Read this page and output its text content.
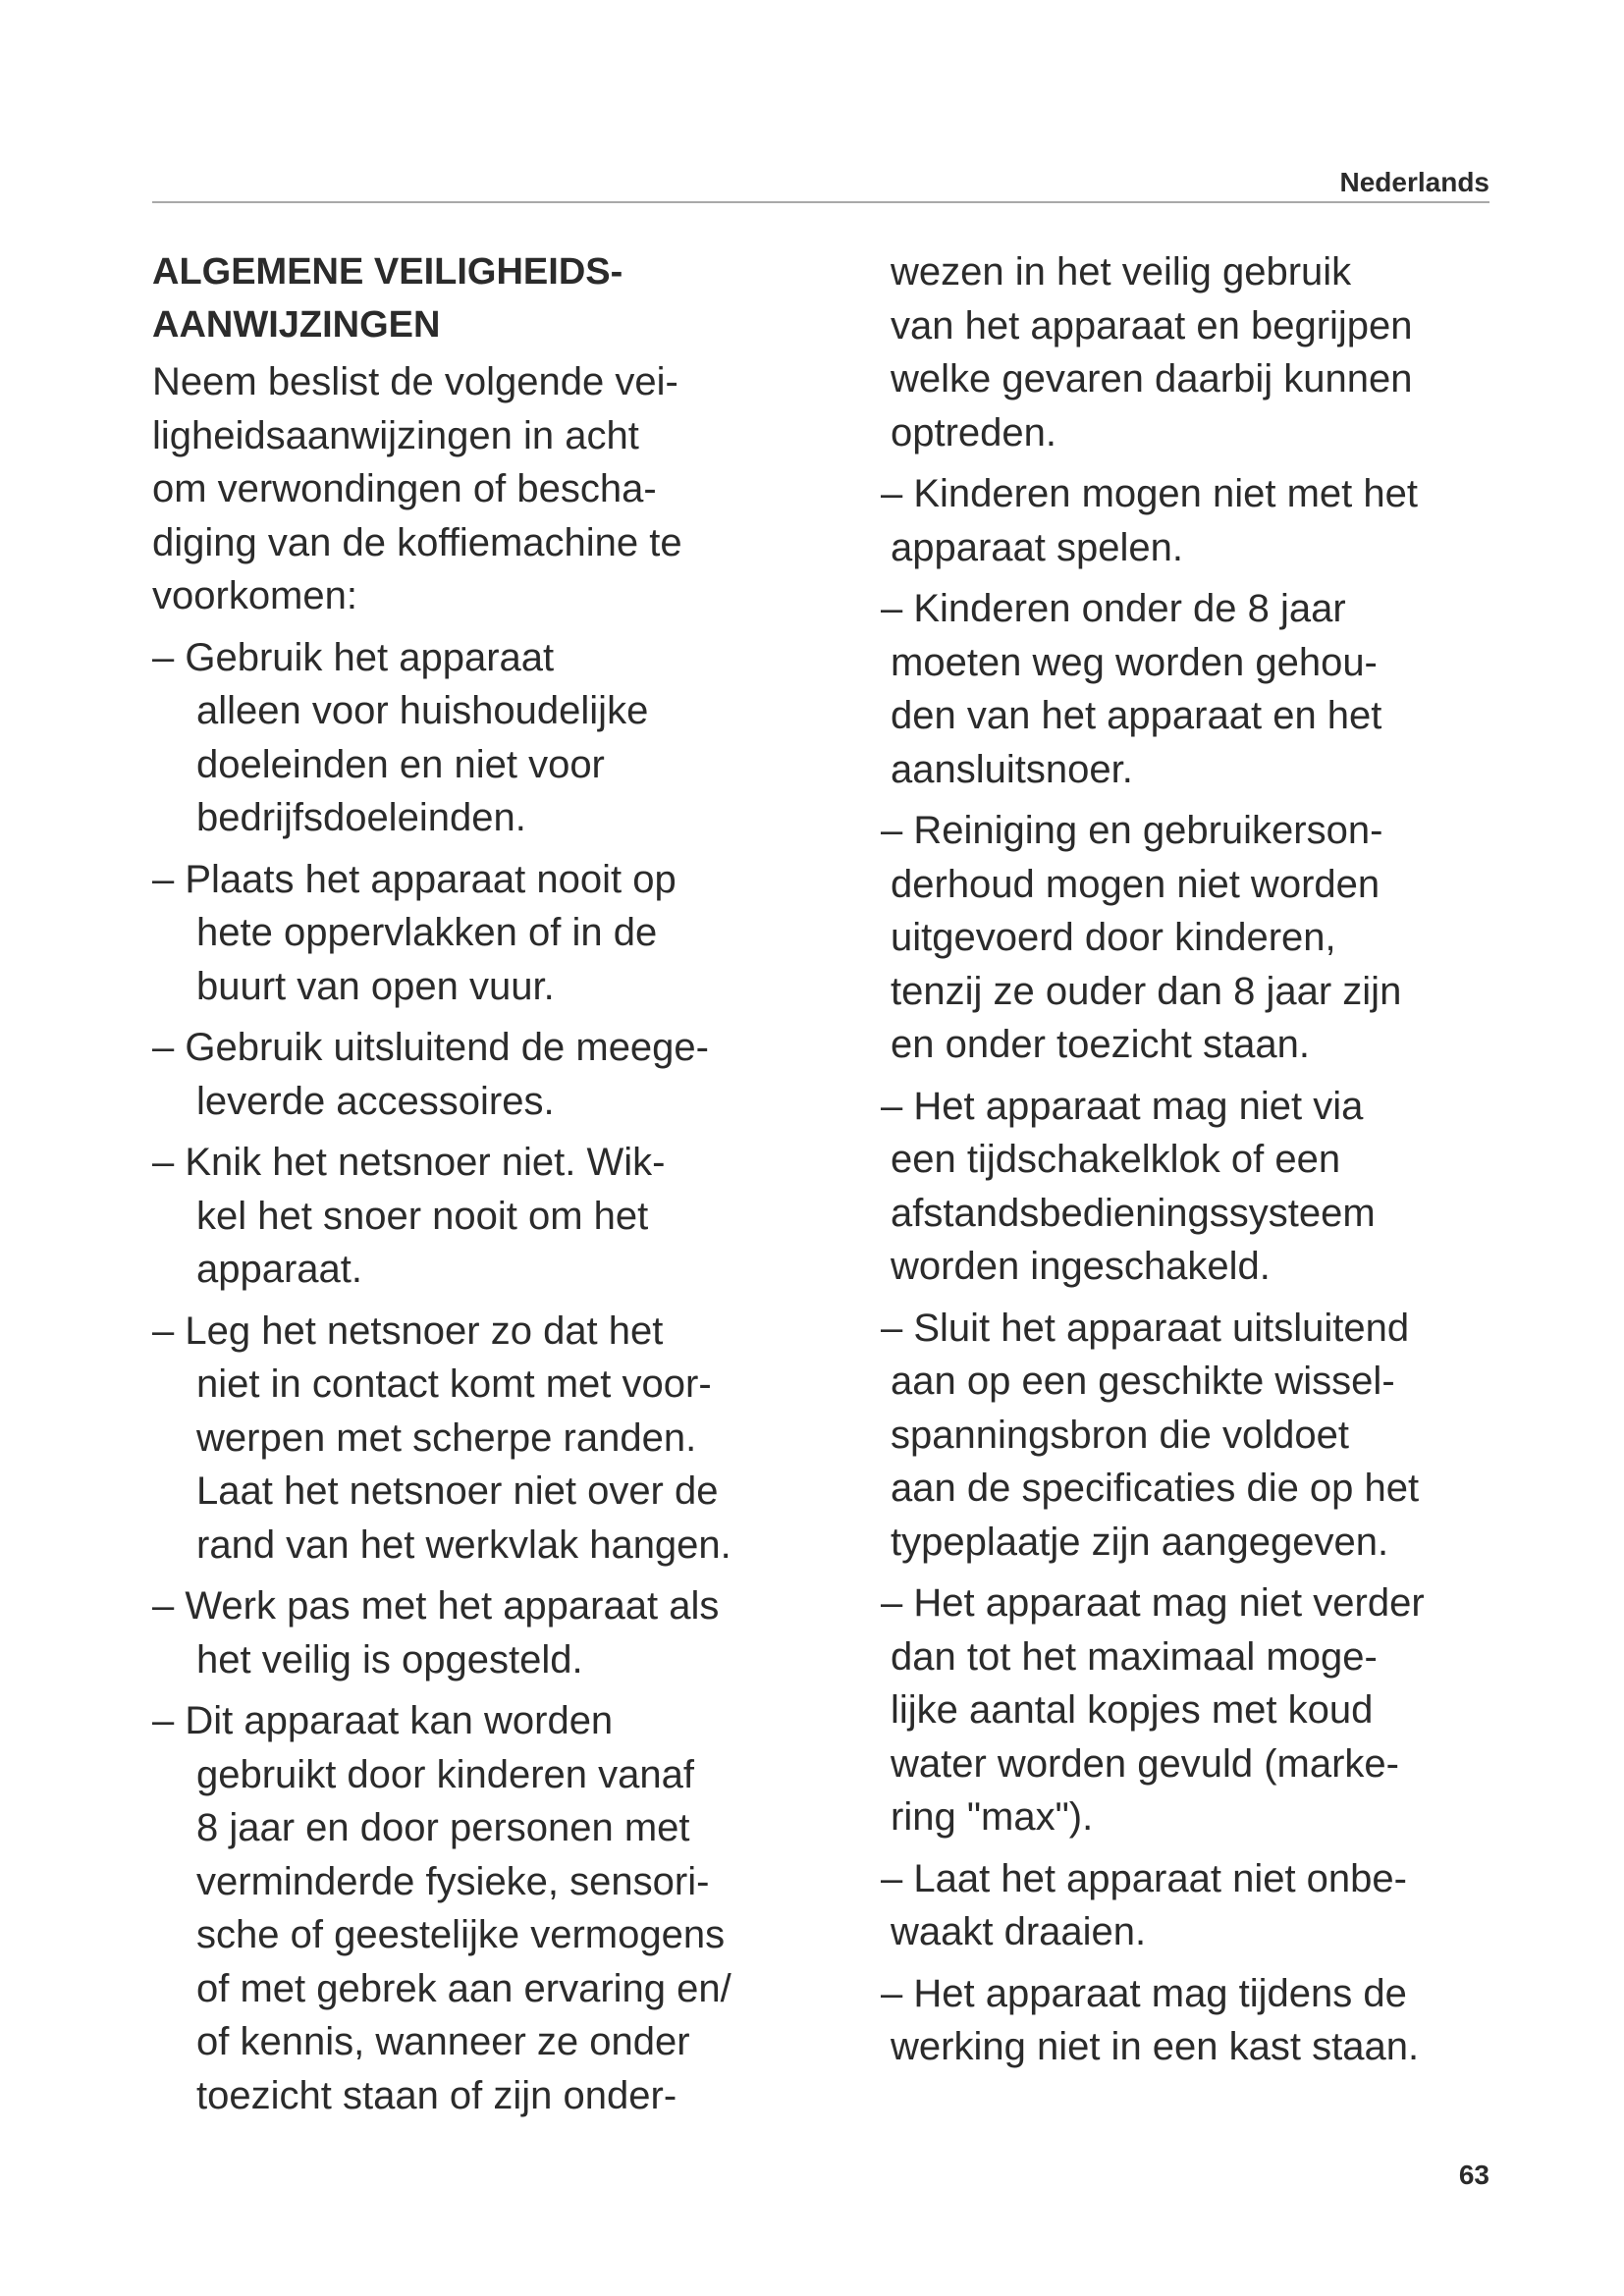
Nederlands
ALGEMENE VEILIGHEIDS-
AANWIJZINGEN
Neem beslist de volgende vei-
ligheidsaanwijzingen in acht
om verwondingen of bescha-
diging van de koffiemachine te
voorkomen:
– Gebruik het apparaat
alleen voor huishoudelijke
doeleinden en niet voor
bedrijfsdoeleinden.
– Plaats het apparaat nooit op
hete oppervlakken of in de
buurt van open vuur.
– Gebruik uitsluitend de meege-
leverde accessoires.
– Knik het netsnoer niet. Wik-
kel het snoer nooit om het
apparaat.
– Leg het netsnoer zo dat het
niet in contact komt met voor-
werpen met scherpe randen.
Laat het netsnoer niet over de
rand van het werkvlak hangen.
– Werk pas met het apparaat als
het veilig is opgesteld.
– Dit apparaat kan worden
gebruikt door kinderen vanaf
8 jaar en door personen met
verminderde fysieke, sensori-
sche of geestelijke vermogens
of met gebrek aan ervaring en/
of kennis, wanneer ze onder
toezicht staan of zijn onder-
wezen in het veilig gebruik
van het apparaat en begrijpen
welke gevaren daarbij kunnen
optreden.
– Kinderen mogen niet met het
apparaat spelen.
– Kinderen onder de 8 jaar
moeten weg worden gehou-
den van het apparaat en het
aansluitsnoer.
– Reiniging en gebruikerson-
derhoud mogen niet worden
uitgevoerd door kinderen,
tenzij ze ouder dan 8 jaar zijn
en onder toezicht staan.
– Het apparaat mag niet via
een tijdschakelklok of een
afstandsbedieningssysteem
worden ingeschakeld.
– Sluit het apparaat uitsluitend
aan op een geschikte wissel-
spanningsbron die voldoet
aan de specificaties die op het
typeplaatje zijn aangegeven.
– Het apparaat mag niet verder
dan tot het maximaal moge-
lijke aantal kopjes met koud
water worden gevuld (marke-
ring "max").
– Laat het apparaat niet onbe-
waakt draaien.
– Het apparaat mag tijdens de
werking niet in een kast staan.
63
